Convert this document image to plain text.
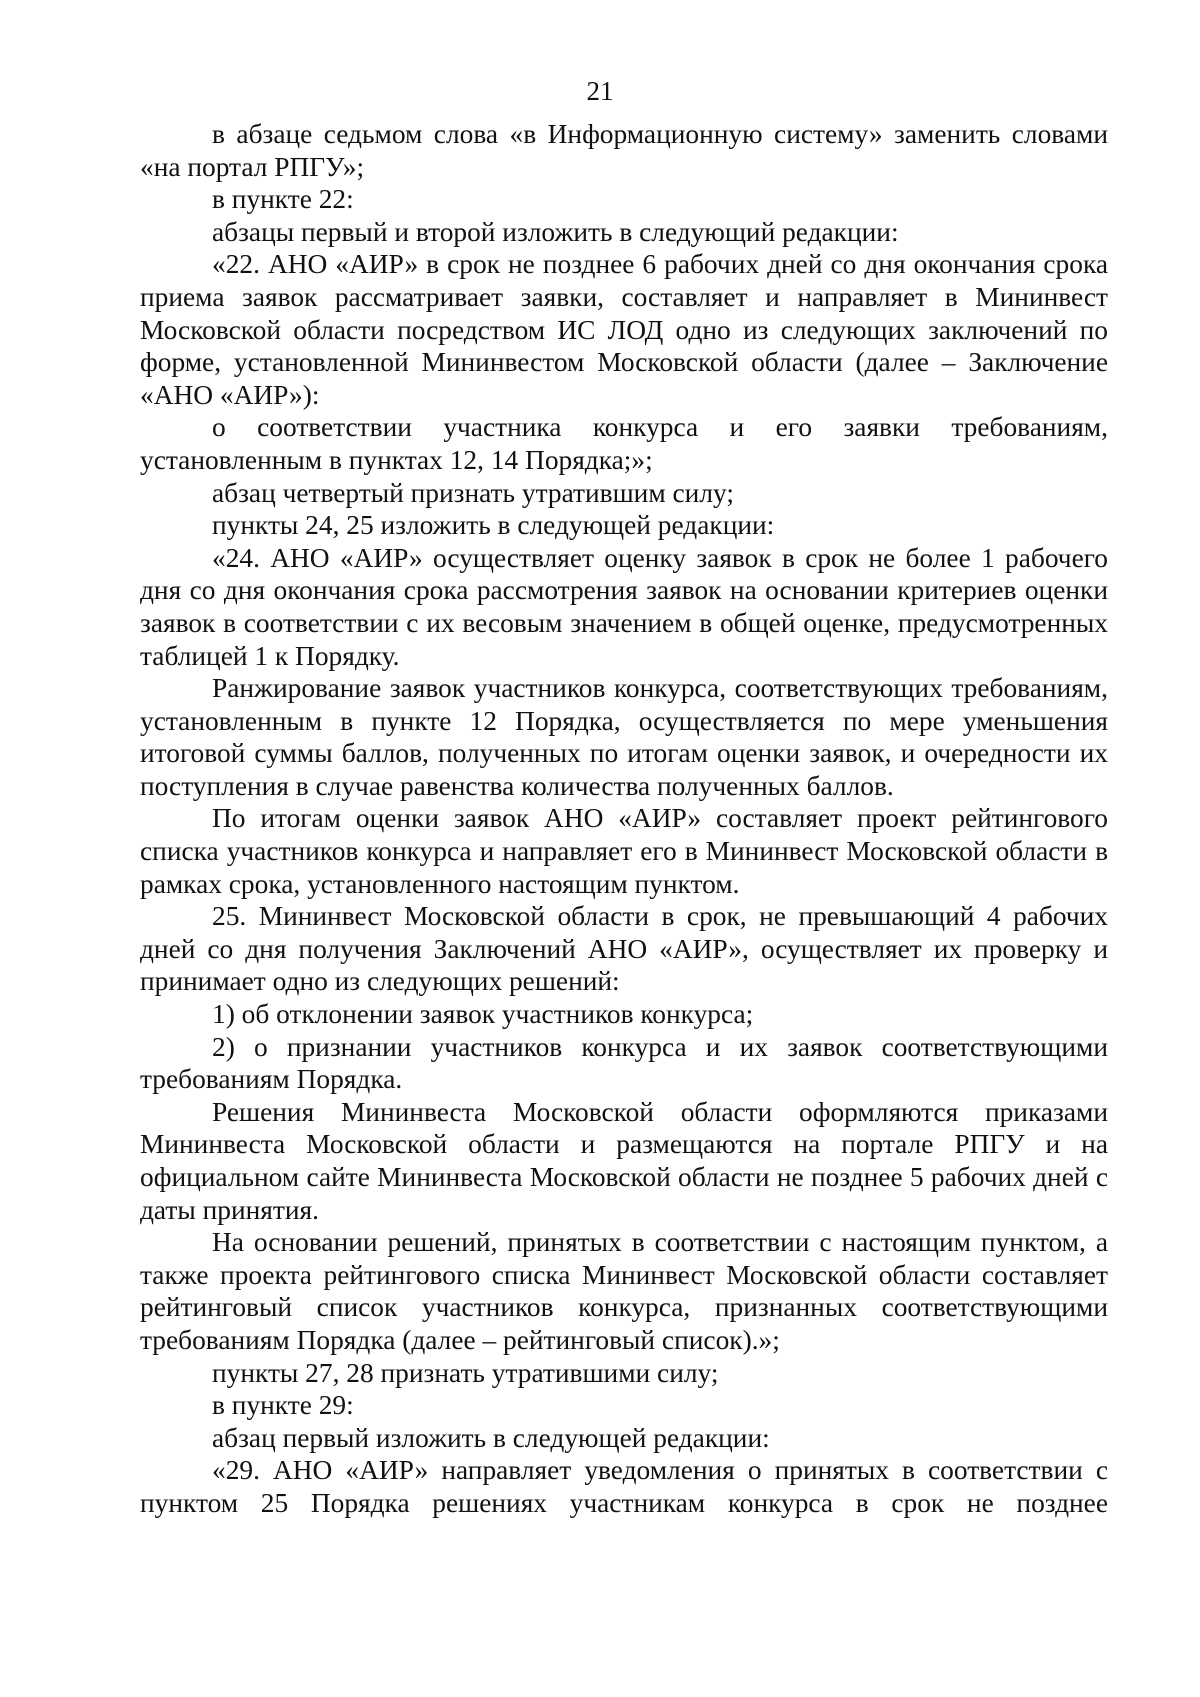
21

в абзаце седьмом слова «в Информационную систему» заменить словами «на портал РПГУ»;

в пункте 22:

абзацы первый и второй изложить в следующий редакции:

«22. АНО «АИР» в срок не позднее 6 рабочих дней со дня окончания срока приема заявок рассматривает заявки, составляет и направляет в Мининвест Московской области посредством ИС ЛОД одно из следующих заключений по форме, установленной Мининвестом Московской области (далее – Заключение «АНО «АИР»):

о соответствии участника конкурса и его заявки требованиям, установленным в пунктах 12, 14 Порядка;»;

абзац четвертый признать утратившим силу;

пункты 24, 25 изложить в следующей редакции:

«24. АНО «АИР» осуществляет оценку заявок в срок не более 1 рабочего дня со дня окончания срока рассмотрения заявок на основании критериев оценки заявок в соответствии с их весовым значением в общей оценке, предусмотренных таблицей 1 к Порядку.

Ранжирование заявок участников конкурса, соответствующих требованиям, установленным в пункте 12 Порядка, осуществляется по мере уменьшения итоговой суммы баллов, полученных по итогам оценки заявок, и очередности их поступления в случае равенства количества полученных баллов.

По итогам оценки заявок АНО «АИР» составляет проект рейтингового списка участников конкурса и направляет его в Мининвест Московской области в рамках срока, установленного настоящим пунктом.

25. Мининвест Московской области в срок, не превышающий 4 рабочих дней со дня получения Заключений АНО «АИР», осуществляет их проверку и принимает одно из следующих решений:

1) об отклонении заявок участников конкурса;

2) о признании участников конкурса и их заявок соответствующими требованиям Порядка.

Решения Мининвеста Московской области оформляются приказами Мининвеста Московской области и размещаются на портале РПГУ и на официальном сайте Мининвеста Московской области не позднее 5 рабочих дней с даты принятия.

На основании решений, принятых в соответствии с настоящим пунктом, а также проекта рейтингового списка Мининвест Московской области составляет рейтинговый список участников конкурса, признанных соответствующими требованиям Порядка (далее – рейтинговый список).»;

пункты 27, 28 признать утратившими силу;

в пункте 29:

абзац первый изложить в следующей редакции:

«29. АНО «АИР» направляет уведомления о принятых в соответствии с пунктом 25 Порядка решениях участникам конкурса в срок не позднее
